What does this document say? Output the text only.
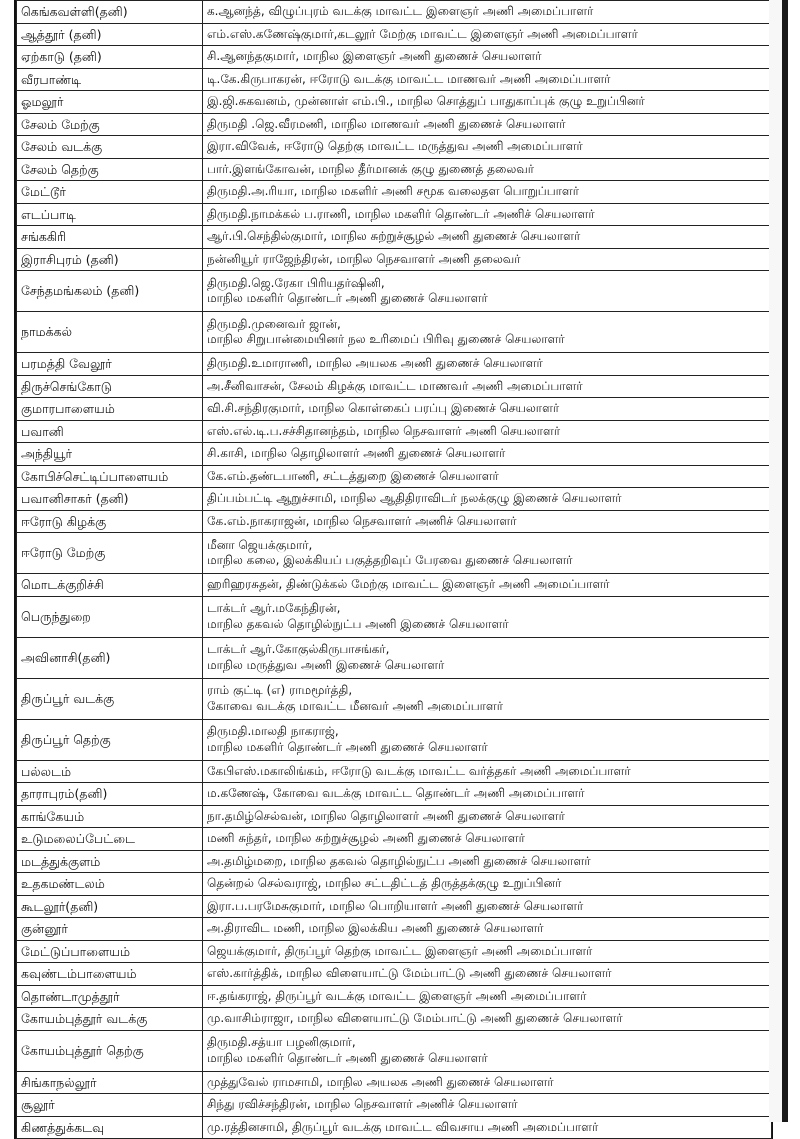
கெங்கவள்ளி(தனி)	க.ஆனந்த், விழுப்புரம் வடக்கு மாவட்ட இளைஞர் அணி அமைப்பாளர்

ஆத்தூர் (தனி)	எம்.எஸ்.கணேஷ்குமார்,கடலூர் மேற்கு மாவட்ட இளைஞர் அணி அமைப்பாளர்

ஏற்காடு (தனி)	சி.ஆனந்தகுமார், மாநில இளைஞர் அணி துணைச் செயலாளர்

வீரபாண்டி	டி.கே.கிருபாகரன், ஈரோடு வடக்கு மாவட்ட மாணவர் அணி அமைப்பாளர்

ஓமலூர்	இ.ஜி.சுகவனம், முன்னாள் எம்.பி., மாநில சொத்துப் பாதுகாப்புக் குழு உறுப்பினர்

சேலம் மேற்கு	திருமதி .ஜெ.வீரமணி, மாநில மாணவர் அணி துணைச் செயலாளர்

சேலம் வடக்கு	இரா.விவேக், ஈரோடு தெற்கு மாவட்ட மருத்துவ அணி அமைப்பாளர்

சேலம் தெற்கு	பார்.இளங்கோவன், மாநில தீர்மானக் குழு துணைத் தலைவர்

மேட்டூர்	திருமதி.அ.ரியா, மாநில மகளிர் அணி சமூக வலைதள பொறுப்பாளர்

எடப்பாடி	திருமதி.நாமக்கல் ப.ராணி, மாநில மகளிர் தொண்டர் அணிச் செயலாளர்

சங்ககிரி	ஆர்.பி.செந்தில்குமார், மாநில சுற்றுச்சூழல் அணி துணைச் செயலாளர்

இராசிபுரம் (தனி)	நன்னியூர் ராஜேந்திரன், மாநில நெசவாளர் அணி தலைவர்

சேந்தமங்கலம் (தனி)	திருமதி.ஜெ.ரேகா பிரியதர்ஷினி,
மாநில மகளிர் தொண்டர் அணி துணைச் செயலாளர்

நாமக்கல்	திருமதி.முனைவர் ஜான்,
மாநில சிறுபான்மையினர் நல உரிமைப் பிரிவு துணைச் செயலாளர்

பரமத்தி வேலூர்	திருமதி.உமாராணி, மாநில அயலக அணி துணைச் செயலாளர்

திருச்செங்கோடு	அ.சீனிவாசன், சேலம் கிழக்கு மாவட்ட மாணவர் அணி அமைப்பாளர்

குமாரபாளையம்	வி.சி.சந்திரகுமார், மாநில கொள்கைப் பரப்பு இணைச் செயலாளர்

பவானி	எஸ்.எல்.டி.ப.சச்சிதானந்தம், மாநில நெசவாளர் அணி செயலாளர்

அந்தியூர்	சி.காசி, மாநில தொழிலாளர் அணி துணைச் செயலாளர்

கோபிச்செட்டிப்பாளையம்	கே.எம்.தண்டபாணி, சட்டத்துறை இணைச் செயலாளர்

பவானிசாகர் (தனி)	திப்பம்பட்டி ஆறுச்சாமி, மாநில ஆதிதிராவிடர் நலக்குழு இணைச் செயலாளர்

ஈரோடு கிழக்கு	கே.எம்.நாகராஜன், மாநில நெசவாளர் அணிச் செயலாளர்

ஈரோடு மேற்கு	மீனா ஜெயக்குமார்,
மாநில கலை, இலக்கியப் பகுத்தறிவுப் பேரவை துணைச் செயலாளர்

மொடக்குறிச்சி	ஹரிஹரசுதன், திண்டுக்கல் மேற்கு மாவட்ட இளைஞர் அணி அமைப்பாளர்

பெருந்துறை	டாக்டர் ஆர்.மகேந்திரன்,
மாநில தகவல் தொழில்நுட்ப அணி இணைச் செயலாளர்

அவினாசி(தனி)	டாக்டர் ஆர்.கோகுல்கிருபாசங்கர்,
மாநில மருத்துவ அணி இணைச் செயலாளர்

திருப்பூர் வடக்கு	ராம் குட்டி (எ) ராமமூர்த்தி,
கோவை வடக்கு மாவட்ட மீனவர் அணி அமைப்பாளர்

திருப்பூர் தெற்கு	திருமதி.மாலதி நாகராஜ்,
மாநில மகளிர் தொண்டர் அணி துணைச் செயலாளர்

பல்லடம்	கேபிஎஸ்.மகாலிங்கம், ஈரோடு வடக்கு மாவட்ட வர்த்தகர் அணி அமைப்பாளர்

தாராபுரம்(தனி)	ம.கணேஷ், கோவை வடக்கு மாவட்ட தொண்டர் அணி அமைப்பாளர்

காங்கேயம்	நா.தமிழ்செல்வன், மாநில தொழிலாளர் அணி துணைச் செயலாளர்

உடுமலைப்பேட்டை	மணி சுந்தர், மாநில சுற்றுச்சூழல் அணி துணைச் செயலாளர்

மடத்துக்குளம்	அ.தமிழ்மறை, மாநில தகவல் தொழில்நுட்ப அணி துணைச் செயலாளர்

உதகமண்டலம்	தென்றல் செல்வராஜ், மாநில சட்டதிட்டத் திருத்தக்குழு உறுப்பினர்

கூடலூர்(தனி)	இரா.ப.பரமேசுகுமார், மாநில பொறியாளர் அணி துணைச் செயலாளர்

குன்னூர்	அ.திராவிட மணி, மாநில இலக்கிய அணி துணைச் செயலாளர்

மேட்டுப்பாளையம்	ஜெயக்குமார், திருப்பூர் தெற்கு மாவட்ட இளைஞர் அணி அமைப்பாளர்

கவுண்டம்பாளையம்	எஸ்.கார்த்திக், மாநில விளையாட்டு மேம்பாட்டு அணி துணைச் செயலாளர்

தொண்டாமுத்தூர்	ஈ.தங்கராஜ், திருப்பூர் வடக்கு மாவட்ட இளைஞர் அணி அமைப்பாளர்

கோயம்புத்தூர் வடக்கு	மு.வாசிம்ராஜா, மாநில விளையாட்டு மேம்பாட்டு அணி துணைச் செயலாளர்

கோயம்புத்தூர் தெற்கு	திருமதி.சத்யா பழனிகுமார்,
மாநில மகளிர் தொண்டர் அணி துணைச் செயலாளர்

சிங்காநல்லூர்	முத்துவேல் ராமசாமி, மாநில அயலக அணி துணைச் செயலாளர்

சூலூர்	சிந்து ரவிச்சந்திரன், மாநில நெசவாளர் அணிச் செயலாளர்

கிணத்துக்கடவு	மு.ரத்தினசாமி, திருப்பூர் வடக்கு மாவட்ட விவசாய அணி அமைப்பாளர்
